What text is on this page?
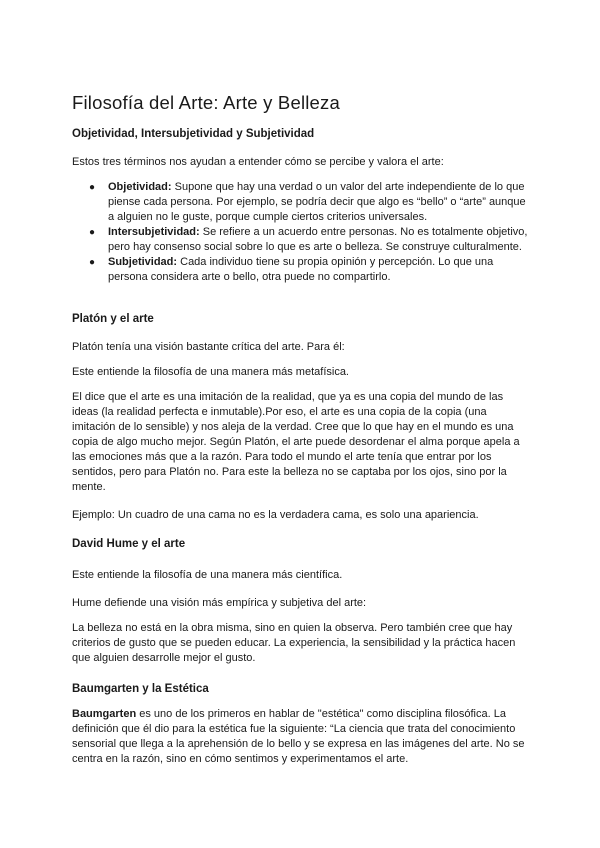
Filosofía del Arte: Arte y Belleza
Objetividad, Intersubjetividad y Subjetividad

Estos tres términos nos ayudan a entender cómo se percibe y valora el arte:

● Objetividad: Supone que hay una verdad o un valor del arte independiente de lo que piense cada persona. Por ejemplo, se podría decir que algo es “bello” o “arte” aunque a alguien no le guste, porque cumple ciertos criterios universales.
● Intersubjetividad: Se refiere a un acuerdo entre personas. No es totalmente objetivo, pero hay consenso social sobre lo que es arte o belleza. Se construye culturalmente.
● Subjetividad: Cada individuo tiene su propia opinión y percepción. Lo que una persona considera arte o bello, otra puede no compartirlo.
Platón y el arte

Platón tenía una visión bastante crítica del arte. Para él:

Este entiende la filosofía de una manera más metafísica.

El dice que el arte es una imitación de la realidad, que ya es una copia del mundo de las ideas (la realidad perfecta e inmutable).Por eso, el arte es una copia de la copia (una imitación de lo sensible) y nos aleja de la verdad. Cree que lo que hay en el mundo es una copia de algo mucho mejor. Según Platón, el arte puede desordenar el alma porque apela a las emociones más que a la razón. Para todo el mundo el arte tenía que entrar por los sentidos, pero para Platón no. Para este la belleza no se captaba por los ojos, sino por la mente.

Ejemplo: Un cuadro de una cama no es la verdadera cama, es solo una apariencia.

David Hume y el arte

Este entiende la filosofía de una manera más científica.

Hume defiende una visión más empírica y subjetiva del arte:

La belleza no está en la obra misma, sino en quien la observa. Pero también cree que hay criterios de gusto que se pueden educar. La experiencia, la sensibilidad y la práctica hacen que alguien desarrolle mejor el gusto.

Baumgarten y la Estética

Baumgarten es uno de los primeros en hablar de "estética" como disciplina filosófica. La definición que él dio para la estética fue la siguiente: “La ciencia que trata del conocimiento sensorial que llega a la aprehensión de lo bello y se expresa en las imágenes del arte. No se centra en la razón, sino en cómo sentimos y experimentamos el arte.
